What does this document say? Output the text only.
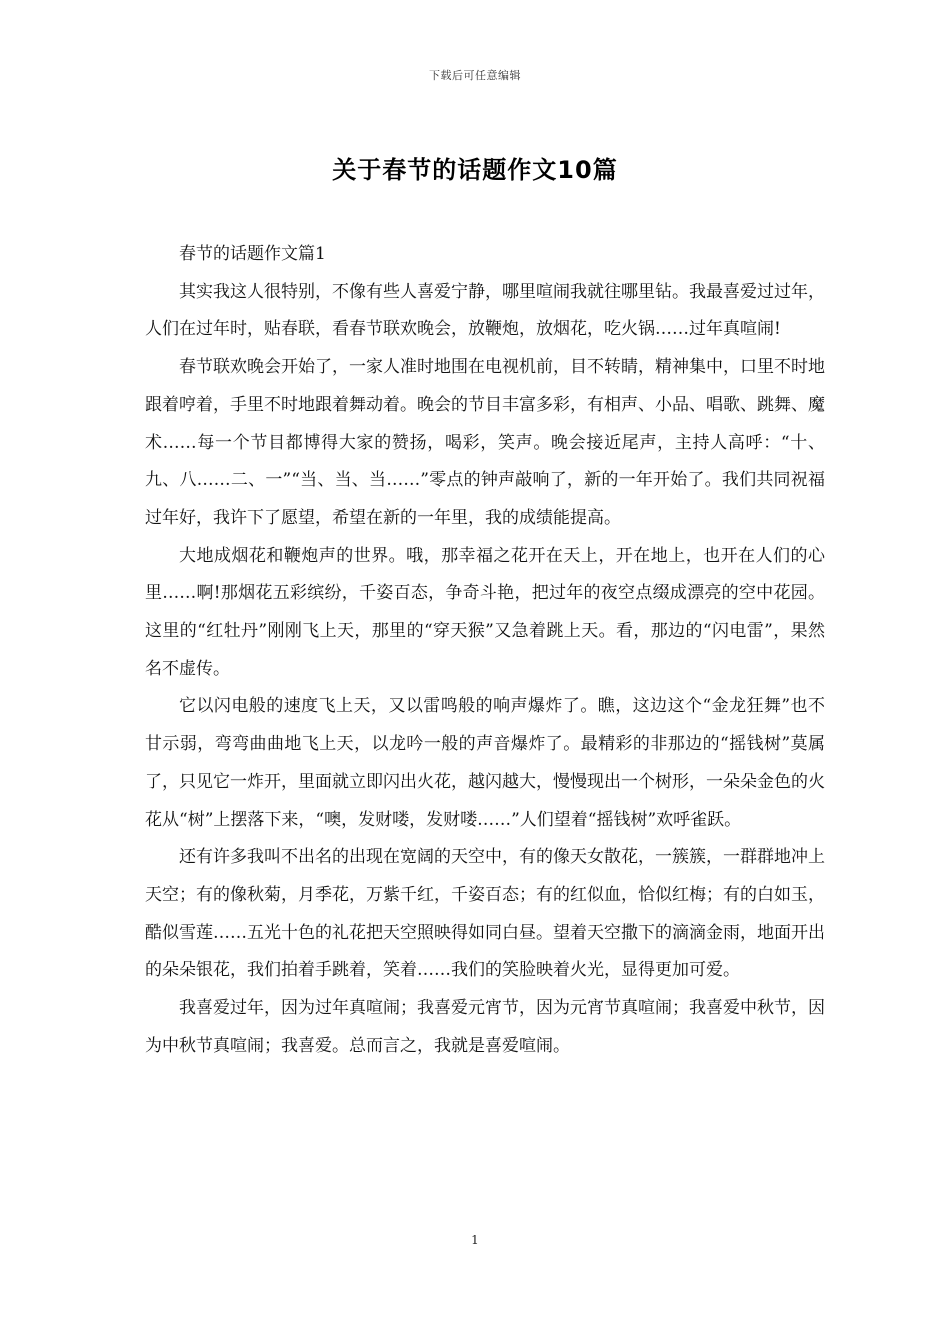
下载后可任意编辑
关于春节的话题作文10篇

春节的话题作文篇1

其实我这人很特别，不像有些人喜爱宁静，哪里喧闹我就往哪里钻。我最喜爱过过年，人们在过年时，贴春联，看春节联欢晚会，放鞭炮，放烟花，吃火锅……过年真喧闹!

春节联欢晚会开始了，一家人准时地围在电视机前，目不转睛，精神集中，口里不时地跟着哼着，手里不时地跟着舞动着。晚会的节目丰富多彩，有相声、小品、唱歌、跳舞、魔术……每一个节目都博得大家的赞扬，喝彩，笑声。晚会接近尾声，主持人高呼：“十、九、八……二、一”“当、当、当……”零点的钟声敲响了，新的一年开始了。我们共同祝福过年好，我许下了愿望，希望在新的一年里，我的成绩能提高。

大地成烟花和鞭炮声的世界。哦，那幸福之花开在天上，开在地上，也开在人们的心里……啊!那烟花五彩缤纷，千姿百态，争奇斗艳，把过年的夜空点缀成漂亮的空中花园。这里的“红牡丹”刚刚飞上天，那里的“穿天猴”又急着跳上天。看，那边的“闪电雷”，果然名不虚传。

它以闪电般的速度飞上天，又以雷鸣般的响声爆炸了。瞧，这边这个“金龙狂舞”也不甘示弱，弯弯曲曲地飞上天，以龙吟一般的声音爆炸了。最精彩的非那边的“摇钱树”莫属了，只见它一炸开，里面就立即闪出火花，越闪越大，慢慢现出一个树形，一朵朵金色的火花从“树”上摆落下来，“噢，发财喽，发财喽……”人们望着“摇钱树”欢呼雀跃。

还有许多我叫不出名的出现在宽阔的天空中，有的像天女散花，一簇簇，一群群地冲上天空；有的像秋菊，月季花，万紫千红，千姿百态；有的红似血，恰似红梅；有的白如玉，酷似雪莲……五光十色的礼花把天空照映得如同白昼。望着天空撒下的滴滴金雨，地面开出的朵朵银花，我们拍着手跳着，笑着……我们的笑脸映着火光，显得更加可爱。

我喜爱过年，因为过年真喧闹；我喜爱元宵节，因为元宵节真喧闹；我喜爱中秋节，因为中秋节真喧闹；我喜爱。总而言之，我就是喜爱喧闹。

1
